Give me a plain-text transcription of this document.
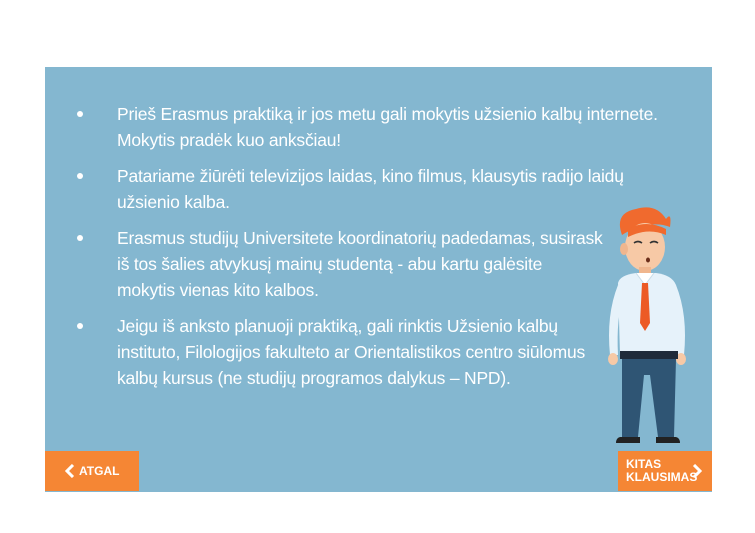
Prieš Erasmus praktiką ir jos metu gali mokytis užsienio kalbų internete.
Mokytis pradėk kuo anksčiau!
Patariame žiūrėti televizijos laidas, kino filmus, klausytis radijo laidų
užsienio kalba.
Erasmus studijų Universitete koordinatorių padedamas, susirask
iš tos šalies atvykusį mainų studentą - abu kartu galėsite
mokytis vienas kito kalbos.
Jeigu iš anksto planuoji praktiką, gali rinktis Užsienio kalbų
instituto, Filologijos fakulteto ar Orientalistikos centro siūlomus
kalbų kursus (ne studijų programos dalykus – NPD).
ATGAL	KITAS KLAUSIMAS
